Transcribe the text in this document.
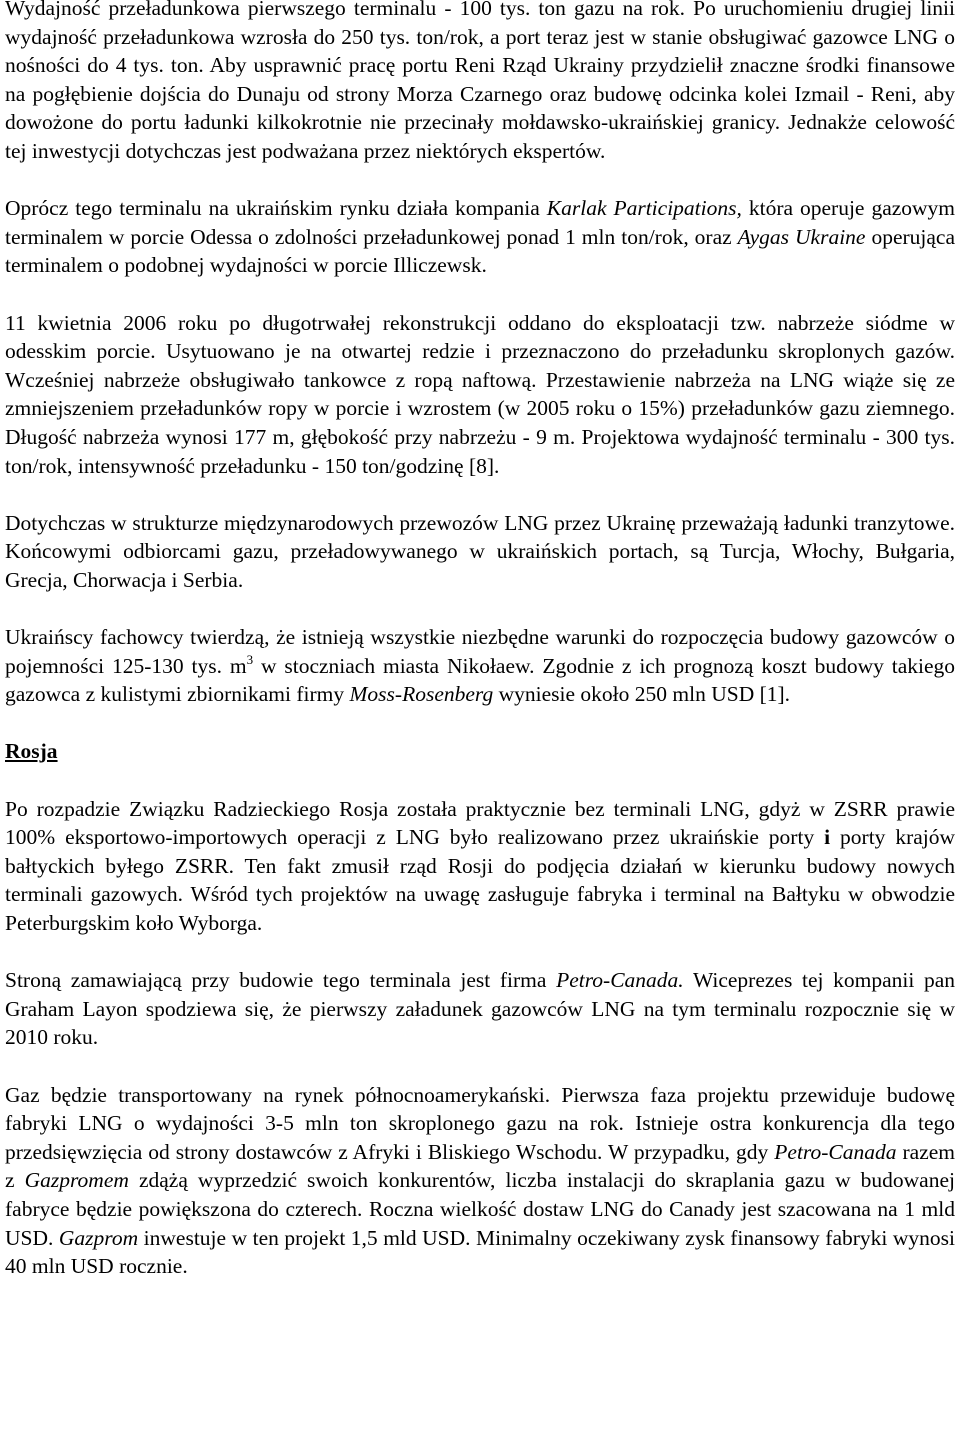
Wydajność przeładunkowa pierwszego terminalu - 100 tys. ton gazu na rok. Po uruchomieniu drugiej linii wydajność przeładunkowa wzrosła do 250 tys. ton/rok, a port teraz jest w stanie obsługiwać gazowce LNG o nośności do 4 tys. ton. Aby usprawnić pracę portu Reni Rząd Ukrainy przydzielił znaczne środki finansowe na pogłębienie dojścia do Dunaju od strony Morza Czarnego oraz budowę odcinka kolei Izmail - Reni, aby dowożone do portu ładunki kilkokrotnie nie przecinały mołdawsko-ukraińskiej granicy. Jednakże celowość tej inwestycji dotychczas jest podważana przez niektórych ekspertów.

Oprócz tego terminalu na ukraińskim rynku działa kompania Karlak Participations, która operuje gazowym terminalem w porcie Odessa o zdolności przeładunkowej ponad 1 mln ton/rok, oraz Aygas Ukraine operująca terminalem o podobnej wydajności w porcie Illiczewsk.

11 kwietnia 2006 roku po długotrwałej rekonstrukcji oddano do eksploatacji tzw. nabrzeże siódme w odesskim porcie. Usytuowano je na otwartej redzie i przeznaczono do przeładunku skroplonych gazów. Wcześniej nabrzeże obsługiwało tankowce z ropą naftową. Przestawienie nabrzeża na LNG wiąże się ze zmniejszeniem przeładunków ropy w porcie i wzrostem (w 2005 roku o 15%) przeładunków gazu ziemnego. Długość nabrzeża wynosi 177 m, głębokość przy nabrzeżu - 9 m. Projektowa wydajność terminalu - 300 tys. ton/rok, intensywność przeładunku - 150 ton/godzinę [8].

Dotychczas w strukturze międzynarodowych przewozów LNG przez Ukrainę przeważają ładunki tranzytowe. Końcowymi odbiorcami gazu, przeładowywanego w ukraińskich portach, są Turcja, Włochy, Bułgaria, Grecja, Chorwacja i Serbia.

Ukraińscy fachowcy twierdzą, że istnieją wszystkie niezbędne warunki do rozpoczęcia budowy gazowców o pojemności 125-130 tys. $m^3$ w stoczniach miasta Nikołaew. Zgodnie z ich prognozą koszt budowy takiego gazowca z kulistymi zbiornikami firmy Moss-Rosenberg wyniesie około 250 mln USD [1].

Rosja

Po rozpadzie Związku Radzieckiego Rosja została praktycznie bez terminali LNG, gdyż w ZSRR prawie 100% eksportowo-importowych operacji z LNG było realizowano przez ukraińskie porty i porty krajów bałtyckich byłego ZSRR. Ten fakt zmusił rząd Rosji do podjęcia działań w kierunku budowy nowych terminali gazowych. Wśród tych projektów na uwagę zasługuje fabryka i terminal na Bałtyku w obwodzie Peterburgskim koło Wyborga.

Stroną zamawiającą przy budowie tego terminala jest firma Petro-Canada. Wiceprezes tej kompanii pan Graham Layon spodziewa się, że pierwszy załadunek gazowców LNG na tym terminalu rozpocznie się w 2010 roku.

Gaz będzie transportowany na rynek północnoamerykański. Pierwsza faza projektu przewiduje budowę fabryki LNG o wydajności 3-5 mln ton skroplonego gazu na rok. Istnieje ostra konkurencja dla tego przedsięwzięcia od strony dostawców z Afryki i Bliskiego Wschodu. W przypadku, gdy Petro-Canada razem z Gazpromem zdążą wyprzedzić swoich konkurentów, liczba instalacji do skraplania gazu w budowanej fabryce będzie powiększona do czterech. Roczna wielkość dostaw LNG do Canady jest szacowana na 1 mld USD. Gazprom inwestuje w ten projekt 1,5 mld USD. Minimalny oczekiwany zysk finansowy fabryki wynosi 40 mln USD rocznie.
